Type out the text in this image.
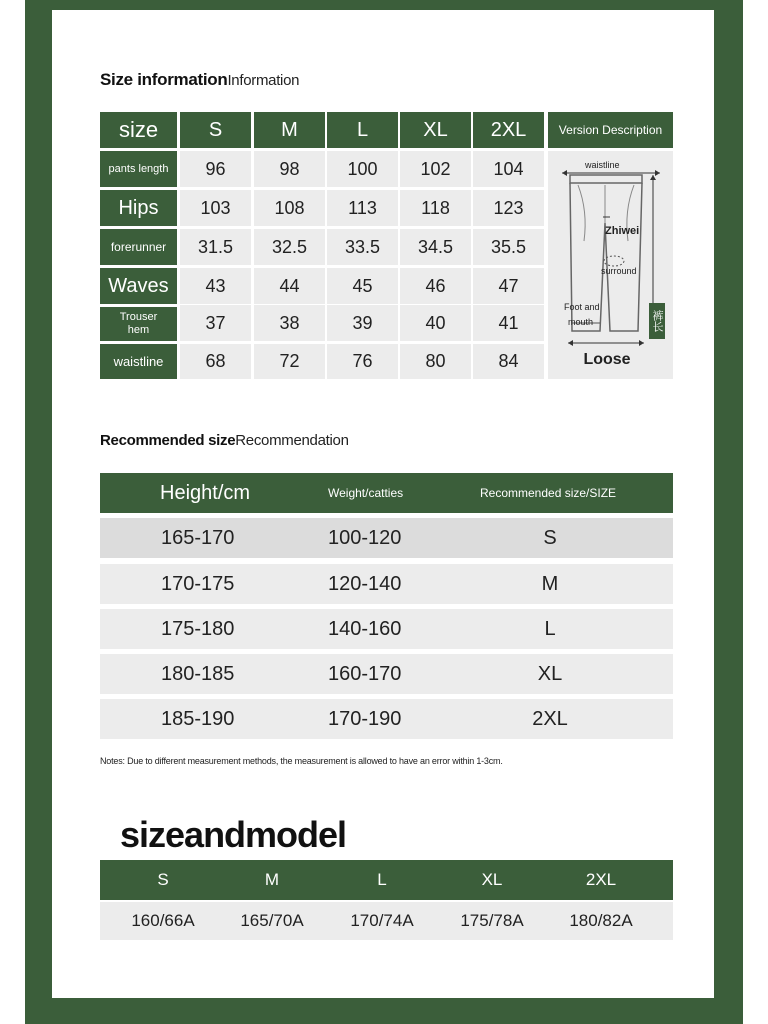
Size informationInformation
size	S	M	L	XL	2XL	Version Description
pants length	96	98	100	102	104
Hips	103	108	113	118	123
forerunner	31.5	32.5	33.5	34.5	35.5
Waves	43	44	45	46	47
Trouser hem	37	38	39	40	41
waistline	68	72	76	80	84
waistline
Zhiwei
surround
Foot and
mouth	裤长
Loose
Recommended sizeRecommendation
Height/cm	Weight/catties	Recommended size/SIZE
165-170	100-120	S
170-175	120-140	M
175-180	140-160	L
180-185	160-170	XL
185-190	170-190	2XL
Notes: Due to different measurement methods, the measurement is allowed to have an error within 1-3cm.
sizeandmodel
S	M	L	XL	2XL
160/66A	165/70A	170/74A	175/78A	180/82A
